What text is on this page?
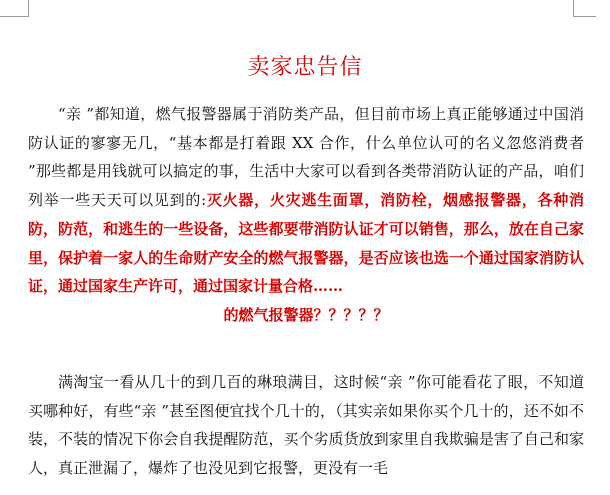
卖家忠告信

“亲 ”都知道，燃气报警器属于消防类产品，但目前市场上真正能够通过中国消防认证的寥寥无几，“基本都是打着跟 XX 合作，什么单位认可的名义忽悠消费者 ”那些都是用钱就可以搞定的事，生活中大家可以看到各类带消防认证的产品，咱们列举一些天天可以见到的:灭火器，火灾逃生面罩，消防栓，烟感报警器，各种消防，防范，和逃生的一些设备，这些都要带消防认证才可以销售，那么，放在自己家里，保护着一家人的生命财产安全的燃气报警器，是否应该也选一个通过国家消防认证，通过国家生产许可，通过国家计量合格……
的燃气报警器？？？？？

满淘宝一看从几十的到几百的琳琅满目，这时候“亲 ”你可能看花了眼，不知道买哪种好，有些“亲 ”甚至图便宜找个几十的，（其实亲如果你买个几十的，还不如不装，不装的情况下你会自我提醒防范，买个劣质货放到家里自我欺骗是害了自己和家人，真正泄漏了，爆炸了也没见到它报警，更没有一毛
